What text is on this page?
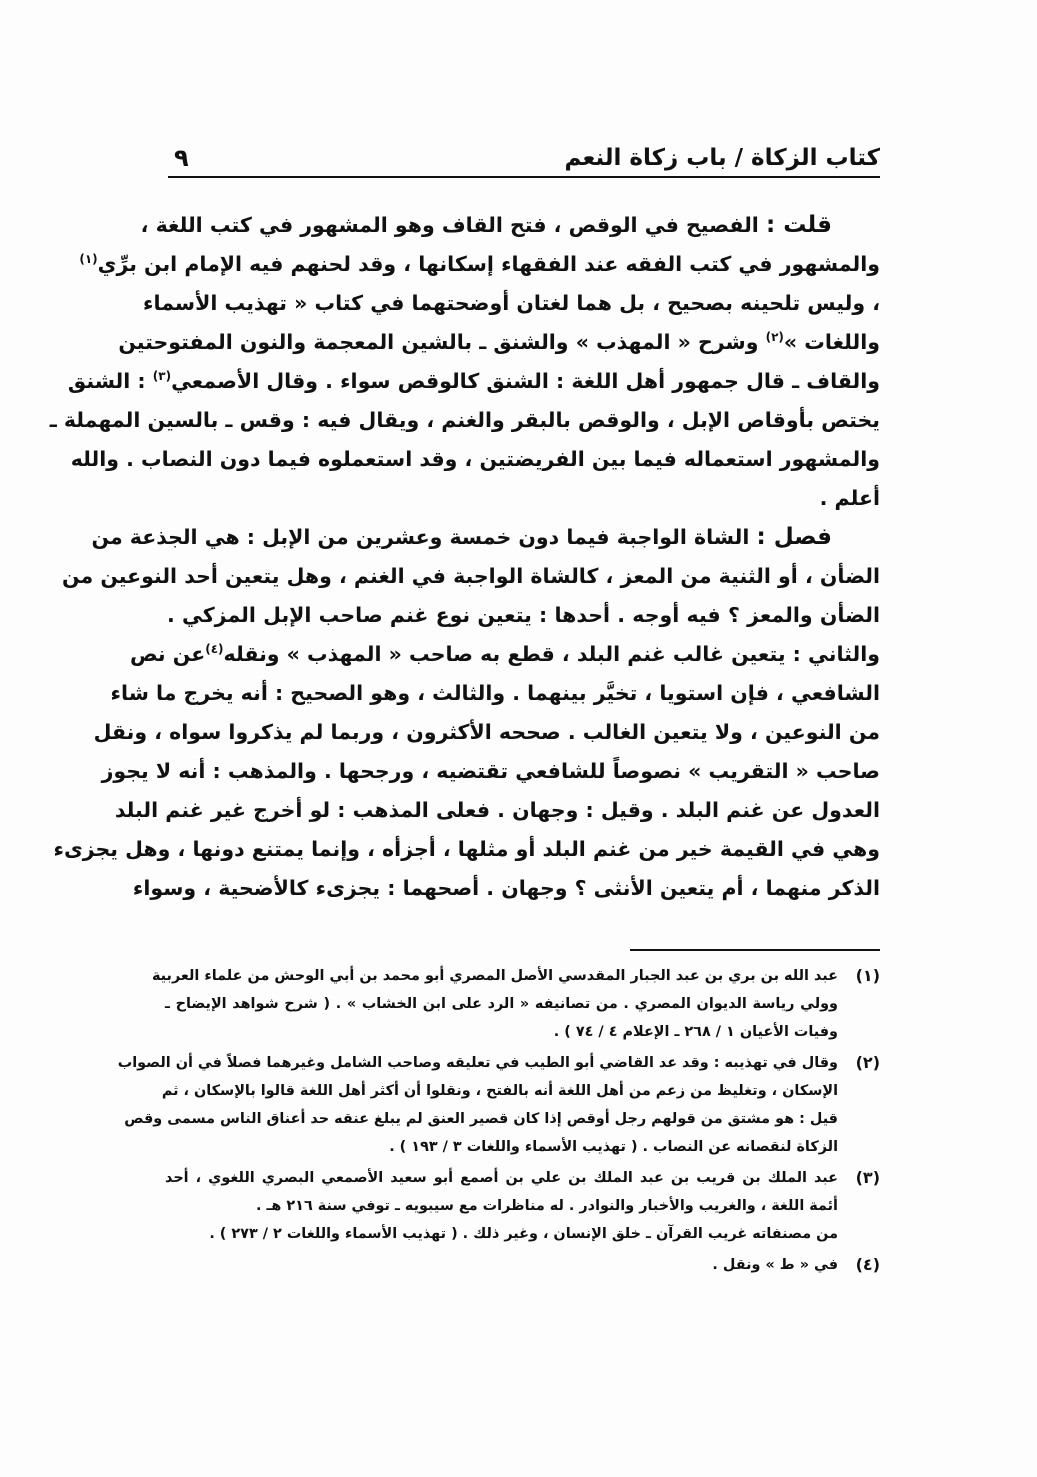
كتاب الزكاة / باب زكاة النعم
٩
قلت : الفصيح في الوقص ، فتح القاف وهو المشهور في كتب اللغة ،
والمشهور في كتب الفقه عند الفقهاء إسكانها ، وقد لحنهم فيه الإمام ابن برِّي$^{(١)}$
، وليس تلحينه بصحيح ، بل هما لغتان أوضحتهما في كتاب « تهذيب الأسماء
واللغات »$^{(٢)}$ وشرح « المهذب » والشنق ـ بالشين المعجمة والنون المفتوحتين
والقاف ـ قال جمهور أهل اللغة : الشنق كالوقص سواء . وقال الأصمعي$^{(٣)}$ : الشنق
يختص بأوقاص الإبل ، والوقص بالبقر والغنم ، ويقال فيه : وقس ـ بالسين المهملة ـ
والمشهور استعماله فيما بين الفريضتين ، وقد استعملوه فيما دون النصاب . والله
أعلم .
فصل : الشاة الواجبة فيما دون خمسة وعشرين من الإبل : هي الجذعة من
الضأن ، أو الثنية من المعز ، كالشاة الواجبة في الغنم ، وهل يتعين أحد النوعين من
الضأن والمعز ؟ فيه أوجه . أحدها : يتعين نوع غنم صاحب الإبل المزكي .
والثاني : يتعين غالب غنم البلد ، قطع به صاحب « المهذب » ونقله$^{(٤)}$عن نص
الشافعي ، فإن استويا ، تخيَّر بينهما . والثالث ، وهو الصحيح : أنه يخرج ما شاء
من النوعين ، ولا يتعين الغالب . صححه الأكثرون ، وربما لم يذكروا سواه ، ونقل
صاحب « التقريب » نصوصاً للشافعي تقتضيه ، ورجحها . والمذهب : أنه لا يجوز
العدول عن غنم البلد . وقيل : وجهان . فعلى المذهب : لو أخرج غير غنم البلد
وهي في القيمة خير من غنم البلد أو مثلها ، أجزأه ، وإنما يمتنع دونها ، وهل يجزىء
الذكر منهما ، أم يتعين الأنثى ؟ وجهان . أصحهما : يجزىء كالأضحية ، وسواء
(١)
عبد الله بن بري بن عبد الجبار المقدسي الأصل المصري أبو محمد بن أبي الوحش من علماء العربية
وولي رياسة الديوان المصري . من تصانيفه « الرد على ابن الخشاب » . ( شرح شواهد الإيضاح ـ
وفيات الأعيان ١ / ٢٦٨ ـ الإعلام ٤ / ٧٤ ) .
(٢)
وقال في تهذيبه : وقد عد القاضي أبو الطيب في تعليقه وصاحب الشامل وغيرهما فصلاً في أن الصواب
الإسكان ، وتغليظ من زعم من أهل اللغة أنه بالفتح ، ونقلوا أن أكثر أهل اللغة قالوا بالإسكان ، ثم
قيل : هو مشتق من قولهم رجل أوقص إذا كان قصير العنق لم يبلغ عنقه حد أعناق الناس مسمى وقص
الزكاة لنقصانه عن النصاب . ( تهذيب الأسماء واللغات ٣ / ١٩٣ ) .
(٣)
عبد الملك بن قريب بن عبد الملك بن علي بن أصمع أبو سعيد الأصمعي البصري اللغوي ، أحد
أئمة اللغة ، والغريب والأخبار والنوادر . له مناظرات مع سيبويه ـ توفي سنة ٢١٦ هـ .
من مصنفاته غريب القرآن ـ خلق الإنسان ، وغير ذلك . ( تهذيب الأسماء واللغات ٢ / ٢٧٣ ) .
(٤)
في « ط » ونقل .
